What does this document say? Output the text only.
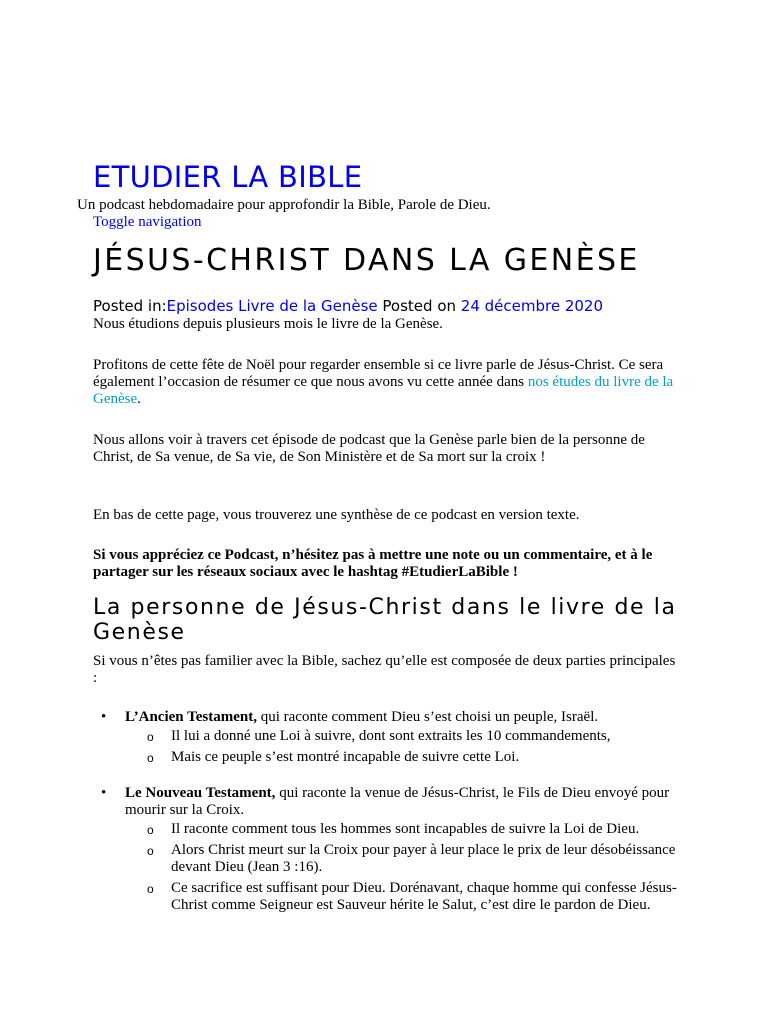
ETUDIER LA BIBLE
Un podcast hebdomadaire pour approfondir la Bible, Parole de Dieu.
Toggle navigation
JÉSUS-CHRIST DANS LA GENÈSE
Posted in:Episodes Livre de la Genèse Posted on 24 décembre 2020

Nous étudions depuis plusieurs mois le livre de la Genèse.

Profitons de cette fête de Noël pour regarder ensemble si ce livre parle de Jésus-Christ. Ce sera également l’occasion de résumer ce que nous avons vu cette année dans nos études du livre de la Genèse.

Nous allons voir à travers cet épisode de podcast que la Genèse parle bien de la personne de Christ, de Sa venue, de Sa vie, de Son Ministère et de Sa mort sur la croix !

En bas de cette page, vous trouverez une synthèse de ce podcast en version texte.

Si vous appréciez ce Podcast, n’hésitez pas à mettre une note ou un commentaire, et à le partager sur les réseaux sociaux avec le hashtag #EtudierLaBible !

La personne de Jésus-Christ dans le livre de la Genèse

Si vous n’êtes pas familier avec la Bible, sachez qu’elle est composée de deux parties principales :

• L’Ancien Testament, qui raconte comment Dieu s’est choisi un peuple, Israël.
o Il lui a donné une Loi à suivre, dont sont extraits les 10 commandements,
o Mais ce peuple s’est montré incapable de suivre cette Loi.
• Le Nouveau Testament, qui raconte la venue de Jésus-Christ, le Fils de Dieu envoyé pour mourir sur la Croix.
o Il raconte comment tous les hommes sont incapables de suivre la Loi de Dieu.
o Alors Christ meurt sur la Croix pour payer à leur place le prix de leur désobéissance devant Dieu (Jean 3 :16).
o Ce sacrifice est suffisant pour Dieu. Dorénavant, chaque homme qui confesse Jésus-Christ comme Seigneur est Sauveur hérite le Salut, c’est dire le pardon de Dieu.
